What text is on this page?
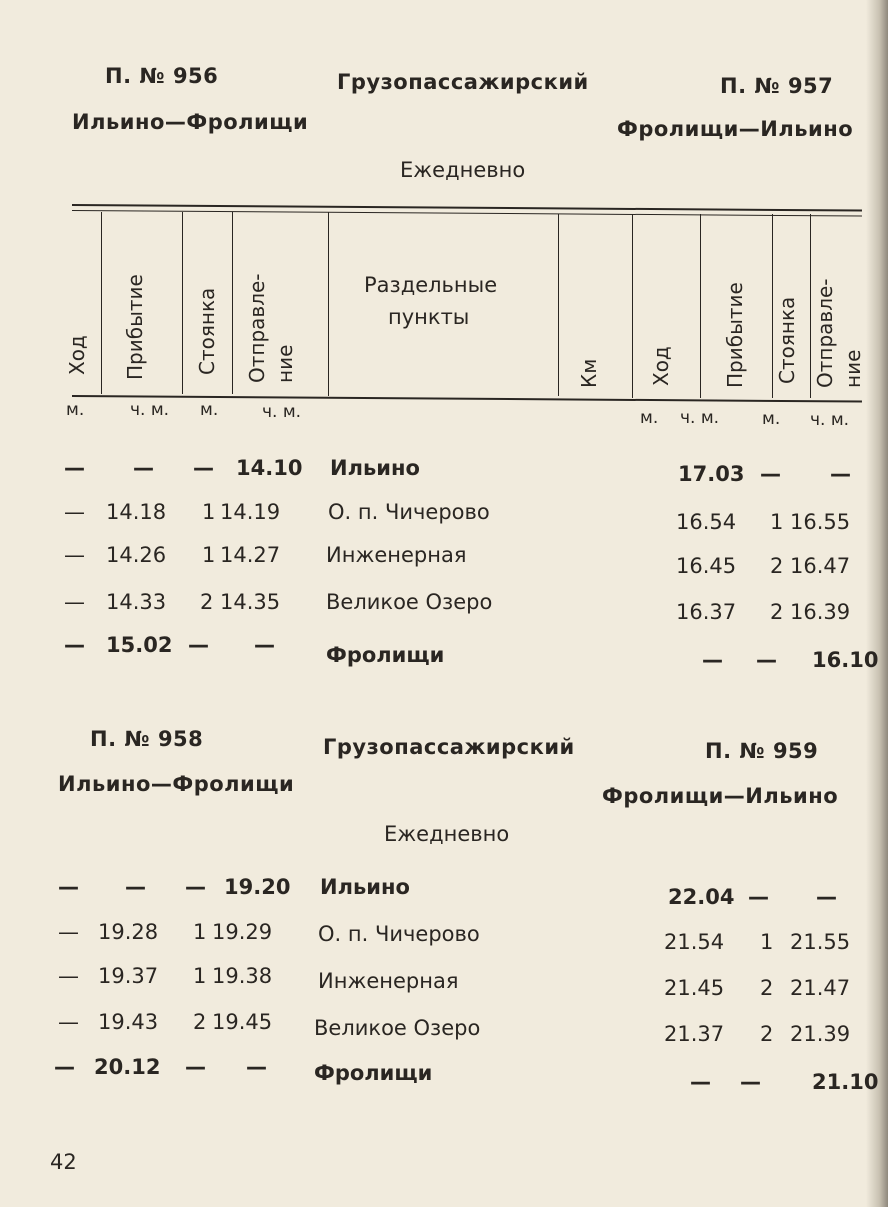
П. № 956	Грузопассажирский	П. № 957
Ильино—Фролищи	Фролищи—Ильино
Ежедневно
Ход Прибытие Стоянка Отправле- ние
Раздельные
пункты
Км Ход	Прибытие Стоянка Отправле- ние
м.	ч. м. м.	ч. м.	м. ч. м.	м. ч. м.
— — — 14.10 Ильино	17.03 — —
— 14.18 1 14.19 О. п. Чичерово	16.54 1 16.55
— 14.26 1 14.27 Инженерная	16.45 2 16.47
— 14.33 2 14.35 Великое Озеро	16.37 2 16.39
— 15.02 — — Фролищи	— — 16.10
П. № 958	Грузопассажирский	П. № 959
Ильино—Фролищи	Фролищи—Ильино
Ежедневно
— — — 19.20 Ильино	22.04 — —
— 19.28 1 19.29 О. п. Чичерово	21.54 1 21.55
— 19.37 1 19.38 Инженерная	21.45 2 21.47
— 19.43 2 19.45 Великое Озеро	21.37 2 21.39
— 20.12 — — Фролищи	— — 21.10
42
